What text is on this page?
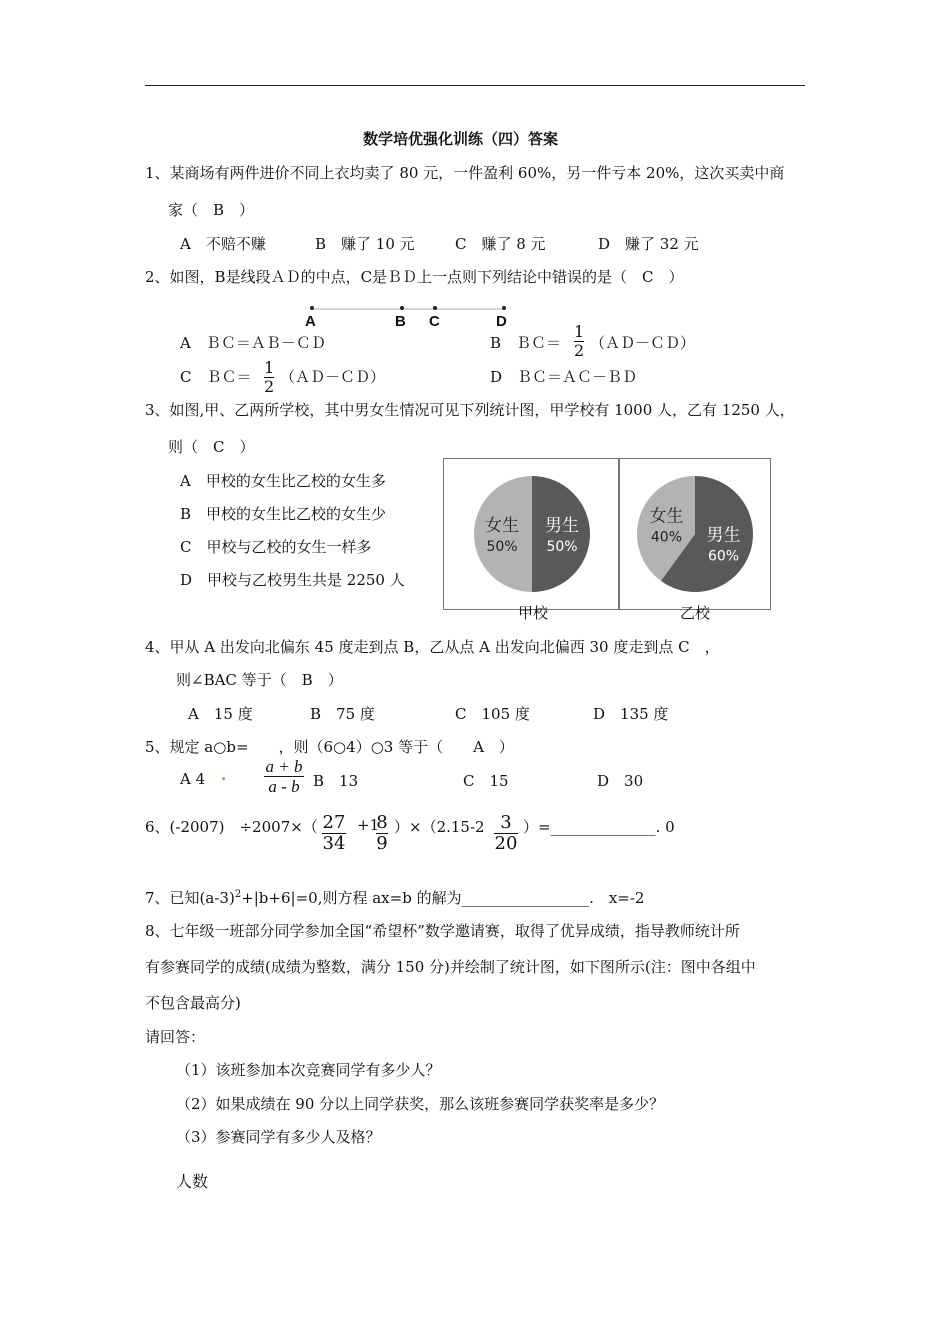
数学培优强化训练（四）答案
1、某商场有两件进价不同上衣均卖了 80 元，一件盈利 60%，另一件亏本 20%，这次买卖中商
家（　B　）
A　不赔不赚	B　赚了 10 元	C　赚了 8 元	D　赚了 32 元
2、如图，B是线段ＡＤ的中点，C是ＢＤ上一点则下列结论中错误的是（　C　）
A	B C	D
A　ＢＣ＝ＡＢ－ＣＤ	B　ＢＣ＝
1
2 （ＡＤ－ＣＤ）
C　ＢＣ＝ 1
2 （ＡＤ－ＣＤ）	D　ＢＣ＝ＡＣ－ＢＤ
3、如图,甲、乙两所学校，其中男女生情况可见下列统计图，甲学校有 1000 人，乙有 1250 人，
则（　C　）
A　甲校的女生比乙校的女生多
B　甲校的女生比乙校的女生少
C　甲校与乙校的女生一样多
D　甲校与乙校男生共是 2250 人
男生
50%
女生
50%
男生
60%
女生
40%
甲校	乙校
4、甲从 A 出发向北偏东 45 度走到点 B，乙从点 A 出发向北偏西 30 度走到点 C　，
则∠BAC 等于（　B　）
A　15 度	B　75 度	C　105 度	D　135 度
5、规定 a○b=　　，则（6○4）○3 等于（　　A　）
A 4 . a + b
a - b B　13	C　15	D　30
6、(-2007)　÷2007×（ 27
34
+1
8
9
）×（2.15-2 3
20
）=______________. 0
7、已知$(a-3)^2+|b+6|=0$,则方程 ax=b 的解为_________________.　x=-2
8、七年级一班部分同学参加全国“希望杯”数学邀请赛，取得了优异成绩，指导教师统计所
有参赛同学的成绩(成绩为整数，满分 150 分)并绘制了统计图，如下图所示(注：图中各组中
不包含最高分)
请回答：
（1）该班参加本次竞赛同学有多少人？
（2）如果成绩在 90 分以上同学获奖，那么该班参赛同学获奖率是多少？
（3）参赛同学有多少人及格？
人数
